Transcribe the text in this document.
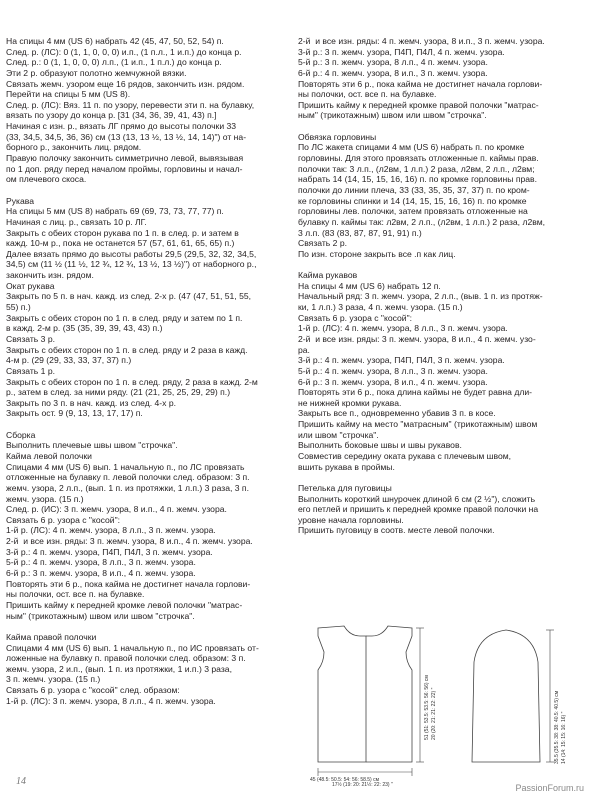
На спицы 4 мм (US 6) набрать 42 (45, 47, 50, 52, 54) п.
След. р. (ЛС): 0 (1, 1, 0, 0, 0) и.п., (1 п.л., 1 и.п.) до конца р.
След. р.: 0 (1, 1, 0, 0, 0) л.п., (1 и.п., 1 п.л.) до конца р.
Эти 2 р. образуют полотно жемчужной вязки.
Связать жемч. узором еще 16 рядов, закончить изн. рядом.
Перейти на спицы 5 мм (US 8).
След. р. (ЛС): Вяз. 11 п. по узору, перевести эти п. на булавку,
вязать по узору до конца р. [31 (34, 36, 39, 41, 43) п.]
Начиная с изн. р., вязать ЛГ прямо до высоты полочки 33
(33, 34,5, 34,5, 36, 36) см (13 (13, 13 ½, 13 ½, 14, 14)") от на-
борного р., закончить лиц. рядом.
Правую полочку закончить симметрично левой, вывязывая
по 1 доп. ряду перед началом проймы, горловины и начал-
ом плечевого скоса.
Рукава
На спицы 5 мм (US 8) набрать 69 (69, 73, 73, 77, 77) п.
Начиная с лиц. р., связать 10 р. ЛГ.
Закрыть с обеих сторон рукава по 1 п. в след. р. и затем в
кажд. 10-м р., пока не останется 57 (57, 61, 61, 65, 65) п.)
Далее вязать прямо до высоты работы 29,5 (29,5, 32, 32, 34,5,
34,5) см (11 ½ (11 ½, 12 ¾, 12 ¾, 13 ½, 13 ½)") от наборного р.,
закончить изн. рядом.
Окат рукава
Закрыть по 5 п. в нач. кажд. из след. 2-х р. (47 (47, 51, 51, 55,
55) п.)
Закрыть с обеих сторон по 1 п. в след. ряду и затем по 1 п.
в кажд. 2-м р. (35 (35, 39, 39, 43, 43) п.)
Связать 3 р.
Закрыть с обеих сторон по 1 п. в след. ряду и 2 раза в кажд.
4-м р. (29 (29, 33, 33, 37, 37) п.)
Связать 1 р.
Закрыть с обеих сторон по 1 п. в след. ряду, 2 раза в кажд. 2-м
р., затем в след. за ними ряду. (21 (21, 25, 25, 29, 29) п.)
Закрыть по 3 п. в нач. кажд. из след. 4-х р.
Закрыть ост. 9 (9, 13, 13, 17, 17) п.
Сборка
Выполнить плечевые швы швом "строчка".
Кайма левой полочки
Спицами 4 мм (US 6) вып. 1 начальную п., по ЛС провязать
отложенные на булавку п. левой полочки след. образом: 3 п.
жемч. узора, 2 л.п., (вып. 1 п. из протяжки, 1 л.п.) 3 раза, 3 п.
жемч. узора. (15 п.)
След. р. (ИС): 3 п. жемч. узора, 8 и.п., 4 п. жемч. узора.
Связать 6 р. узора с "косой":
1-й р. (ЛС): 4 п. жемч. узора, 8 л.п., 3 п. жемч. узора.
2-й  и все изн. ряды: 3 п. жемч. узора, 8 и.п., 4 п. жемч. узора.
3-й р.: 4 п. жемч. узора, П4П, П4Л, 3 п. жемч. узора.
5-й р.: 4 п. жемч. узора, 8 л.п., 3 п. жемч. узора.
6-й р.: 3 п. жемч. узора, 8 и.п., 4 п. жемч. узора.
Повторять эти 6 р., пока кайма не достигнет начала горлови-
ны полочки, ост. все п. на булавке.
Пришить кайму к передней кромке левой полочки "матрас-
ным" (трикотажным) швом или швом "строчка".
Кайма правой полочки
Спицами 4 мм (US 6) вып. 1 начальную п., по ИС провязать от-
ложенные на булавку п. правой полочки след. образом: 3 п.
жемч. узора, 2 и.п., (вып. 1 п. из протяжки, 1 и.п.) 3 раза,
3 п. жемч. узора. (15 п.)
Связать 6 р. узора с "косой" след. образом:
1-й р. (ЛС): 3 п. жемч. узора, 8 л.п., 4 п. жемч. узора.
2-й  и все изн. ряды: 4 п. жемч. узора, 8 и.п., 3 п. жемч. узора.
3-й р.: 3 п. жемч. узора, П4П, П4Л, 4 п. жемч. узора.
5-й р.: 3 п. жемч. узора, 8 л.п., 4 п. жемч. узора.
6-й р.: 4 п. жемч. узора, 8 и.п., 3 п. жемч. узора.
Повторять эти 6 р., пока кайма не достигнет начала горлови-
ны полочки, ост. все п. на булавке.
Пришить кайму к передней кромке правой полочки "матрас-
ным" (трикотажным) швом или швом "строчка".
Обвязка горловины
По ЛС жакета спицами 4 мм (US 6) набрать п. по кромке
горловины. Для этого провязать отложенные п. каймы прав.
полочки так: 3 л.п., (л2вм, 1 л.п.) 2 раза, л2вм, 2 л.п., л2вм;
набрать 14 (14, 15, 15, 16, 16) п. по кромке горловины прав.
полочки до линии плеча, 33 (33, 35, 35, 37, 37) п. по кром-
ке горловины спинки и 14 (14, 15, 15, 16, 16) п. по кромке
горловины лев. полочки, затем провязать отложенные на
булавку п. каймы так: л2вм, 2 л.п., (л2вм, 1 л.п.) 2 раза, л2вм,
3 л.п. (83 (83, 87, 87, 91, 91) п.)
Связать 2 р.
По изн. стороне закрыть все .п как лиц.
Кайма рукавов
На спицы 4 мм (US 6) набрать 12 п.
Начальный ряд: 3 п. жемч. узора, 2 л.п., (выв. 1 п. из протяж-
ки, 1 л.п.) 3 раза, 4 п. жемч. узора. (15 п.)
Связать 6 р. узора с "косой":
1-й р. (ЛС): 4 п. жемч. узора, 8 л.п., 3 п. жемч. узора.
2-й  и все изн. ряды: 3 п. жемч. узора, 8 и.п., 4 п. жемч. узо-
ра.
3-й р.: 4 п. жемч. узора, П4П, П4Л, 3 п. жемч. узора.
5-й р.: 4 п. жемч. узора, 8 л.п., 3 п. жемч. узора.
6-й р.: 3 п. жемч. узора, 8 и.п., 4 п. жемч. узора.
Повторять эти 6 р., пока длина каймы не будет равна дли-
не нижней кромки рукава.
Закрыть все п., одновременно убавив 3 п. в косе.
Пришить кайму на место "матрасным" (трикотажным) швом
или швом "строчка".
Выполнить боковые швы и швы рукавов.
Совместив середину оката рукава с плечевым швом,
вшить рукава в проймы.
Петелька для пуговицы
Выполнить короткий шнурочек длиной 6 см (2 ½"), сложить
его петлей и пришить к передней кромке правой полочки на
уровне начала горловины.
Пришить пуговицу в соотв. месте левой полочки.
45 (48.5: 50.5: 54: 56: 58.5) см
51 (51: 53.5: 53.5: 56: 56) см 20 (20: 21: 21: 22: 22) "
17½ (19: 20: 21½: 22: 23) "
35.5 (35.5: 38: 38: 40.5: 40.5) см 14 (14: 15: 15: 16: 16) "
14
PassionForum.ru
